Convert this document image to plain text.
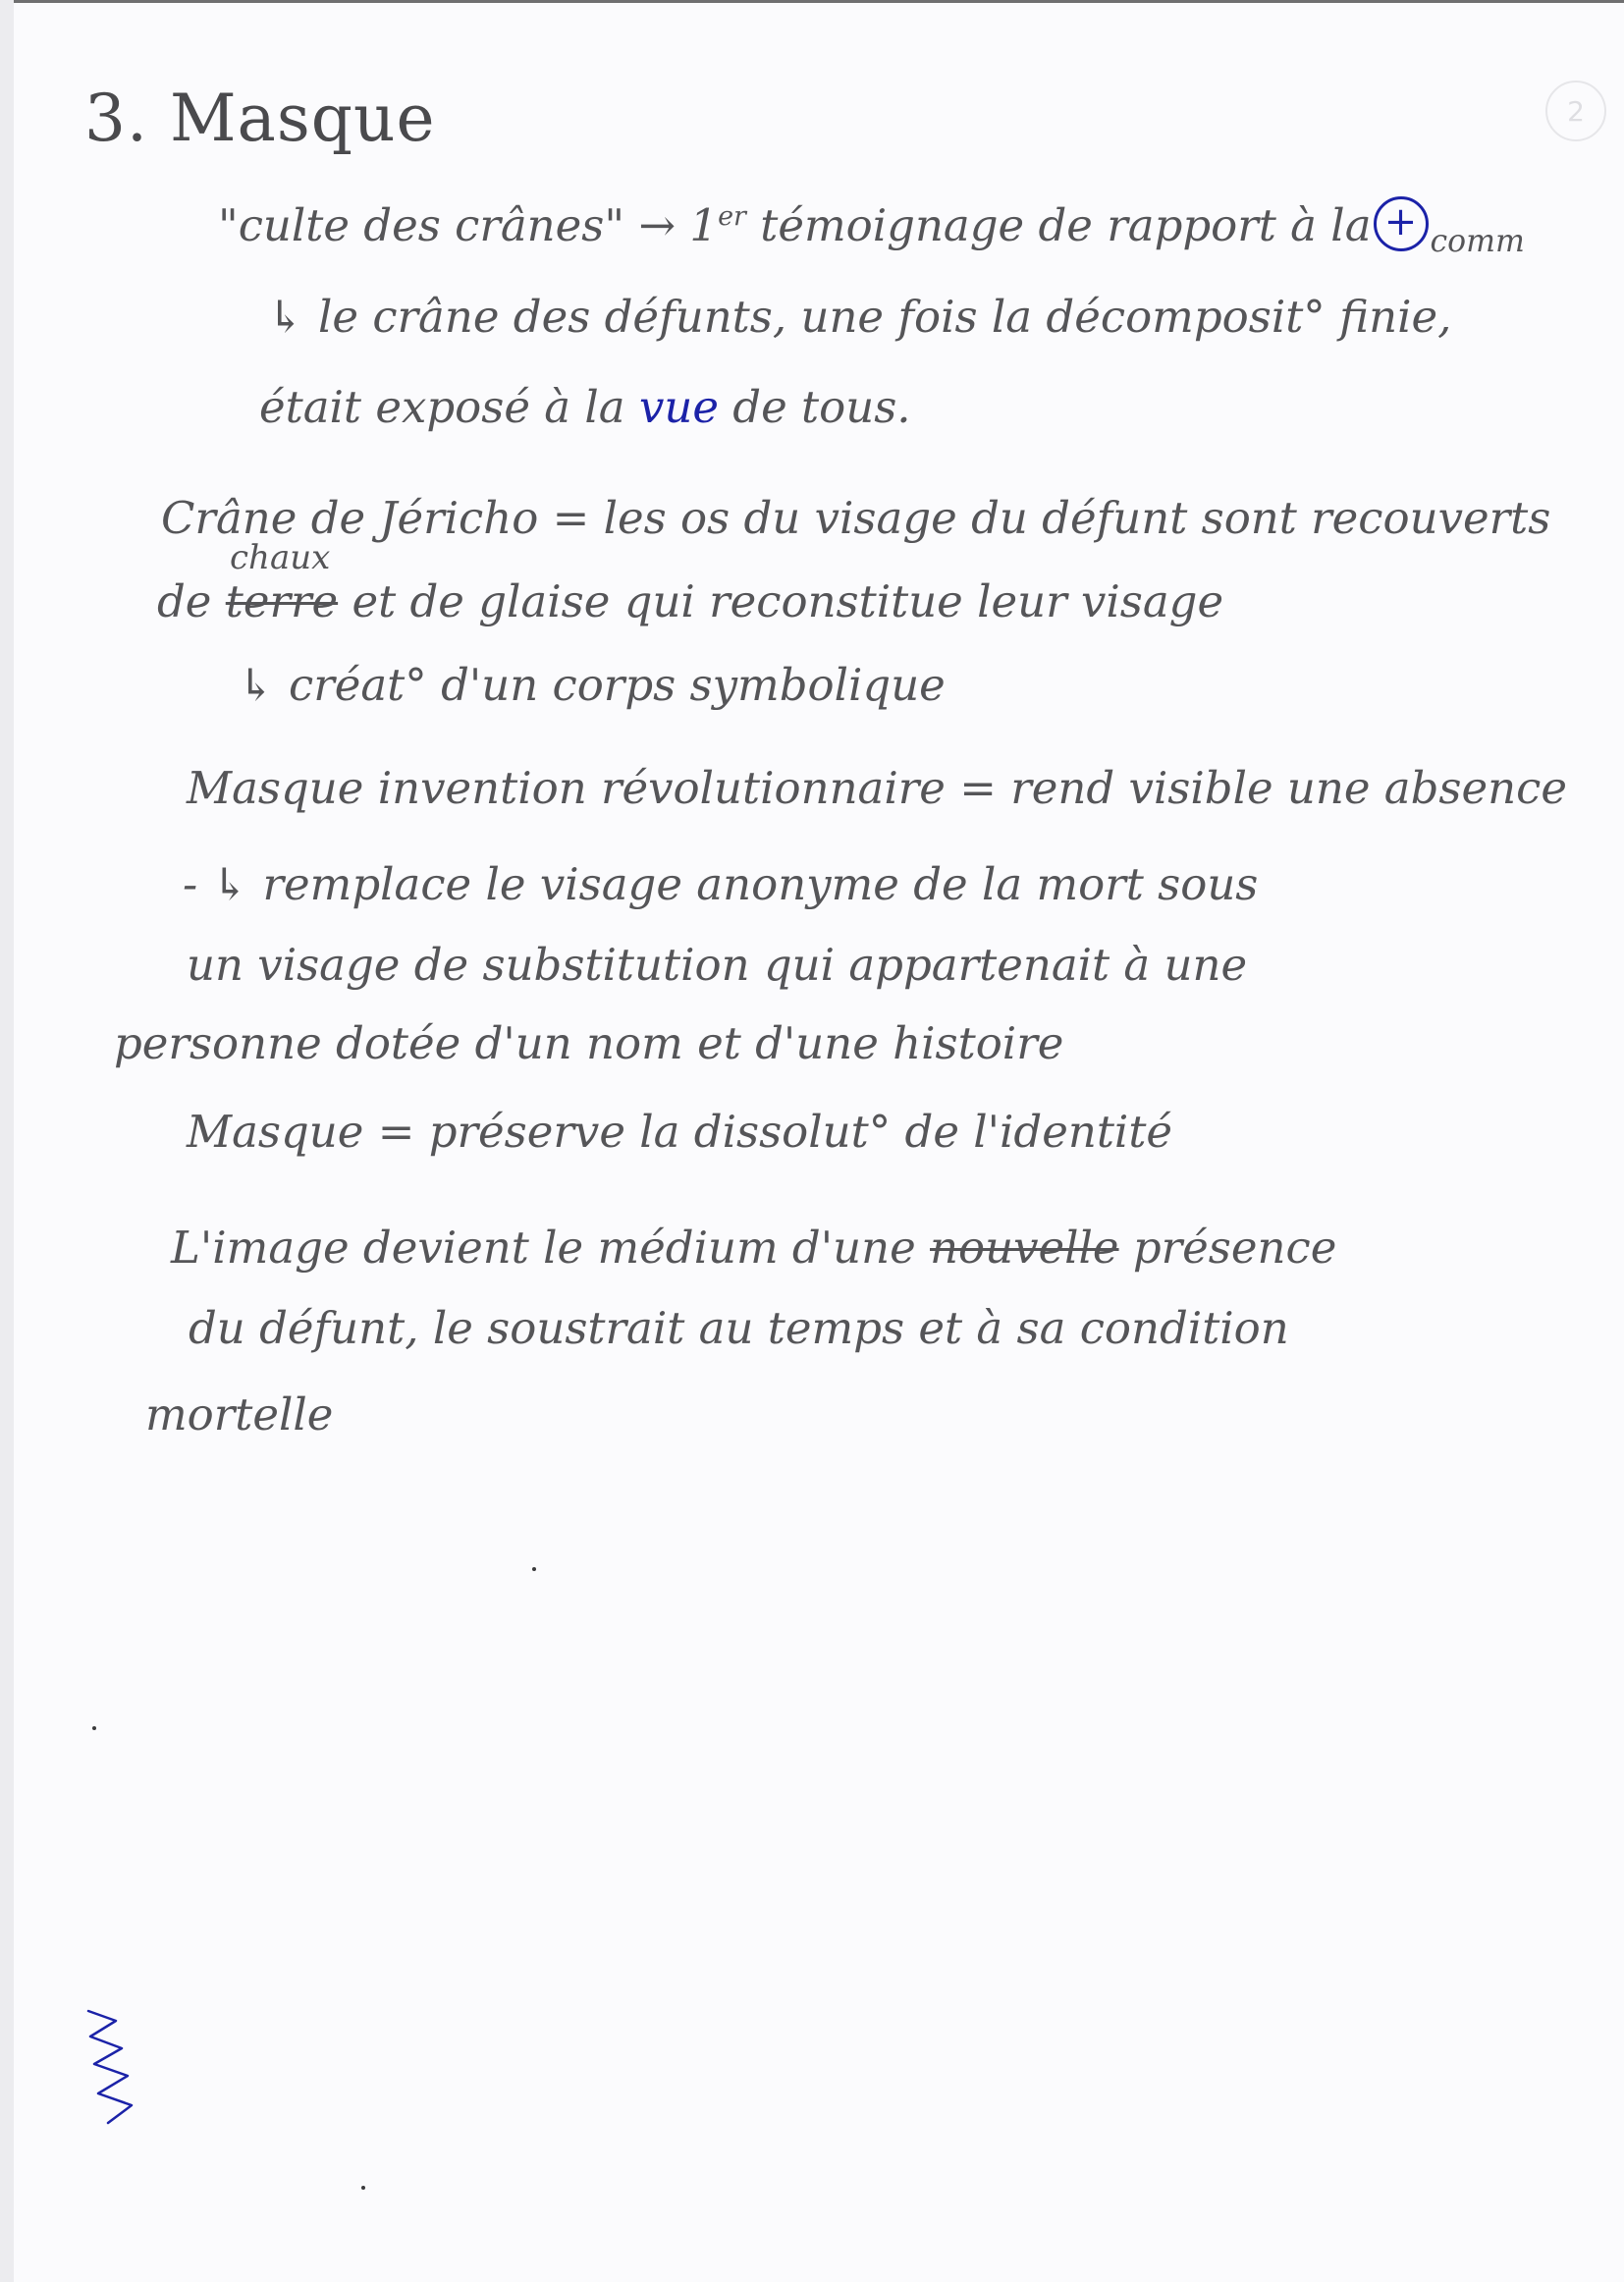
2
3. Masque
"culte des crânes" → 1er témoignage de rapport à la + $_{comm}$
↳ le crâne des défunts, une fois la décomposit° finie,
était exposé à la vue de tous.
Crâne de Jéricho = les os du visage du défunt sont recouverts
chaux
de terre et de glaise qui reconstitue leur visage
↳ créat° d'un corps symbolique
Masque invention révolutionnaire = rend visible une absence
- ↳ remplace le visage anonyme de la mort sous
un visage de substitution qui appartenait à une
personne dotée d'un nom et d'une histoire
Masque = préserve la dissolut° de l'identité
L'image devient le médium d'une nouvelle présence
du défunt, le soustrait au temps et à sa condition
mortelle
